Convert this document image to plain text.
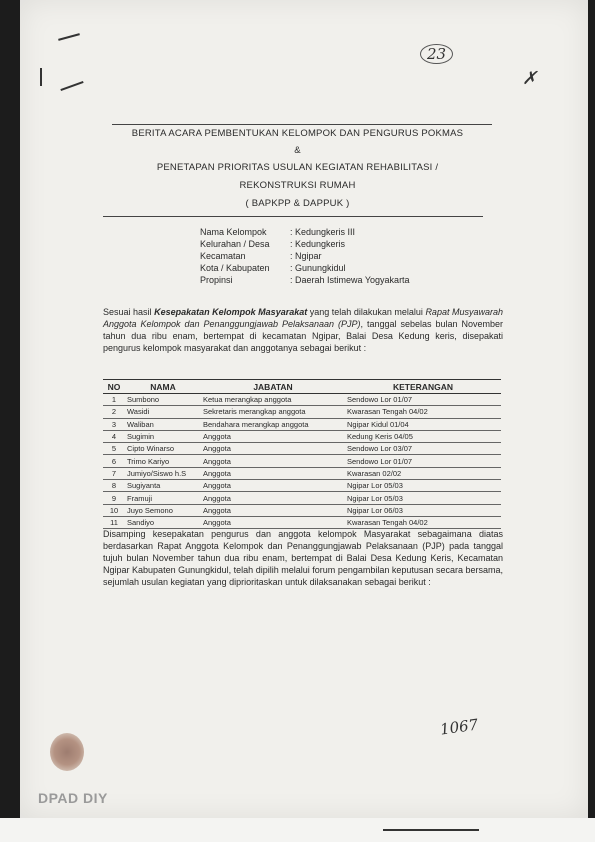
23
✗
BERITA ACARA PEMBENTUKAN KELOMPOK DAN PENGURUS POKMAS
&
PENETAPAN PRIORITAS USULAN KEGIATAN REHABILITASI /
REKONSTRUKSI RUMAH
( BAPKPP & DAPPUK )
Nama Kelompok	: Kedungkeris III
Kelurahan / Desa : Kedungkeris
Kecamatan	: Ngipar
Kota / Kabupaten : Gunungkidul
Propinsi	: Daerah Istimewa Yogyakarta
Sesuai hasil Kesepakatan Kelompok Masyarakat yang telah dilakukan melalui Rapat Musyawarah Anggota Kelompok dan Penanggungjawab Pelaksanaan (PJP), tanggal sebelas bulan November tahun dua ribu enam, bertempat di kecamatan Ngipar, Balai Desa Kedung keris, disepakati pengurus kelompok masyarakat dan anggotanya sebagai berikut :
NO	NAMA	JABATAN	KETERANGAN
1	Sumbono	Ketua merangkap anggota	Sendowo Lor 01/07
2	Wasidi	Sekretaris merangkap anggota	Kwarasan Tengah 04/02
3	Waliban	Bendahara merangkap anggota	Ngipar Kidul 01/04
4	Sugimin	Anggota	Kedung Keris 04/05
5	Cipto Winarso	Anggota	Sendowo Lor 03/07
6	Trimo Kariyo	Anggota	Sendowo Lor 01/07
7	Jumiyo/Siswo h.S	Anggota	Kwarasan 02/02
8	Sugiyanta	Anggota	Ngipar Lor 05/03
9	Framuji	Anggota	Ngipar Lor 05/03
10	Juyo Semono	Anggota	Ngipar Lor 06/03
11	Sandiyo	Anggota	Kwarasan Tengah 04/02
Disamping kesepakatan pengurus dan anggota kelompok Masyarakat sebagaimana diatas berdasarkan Rapat Anggota Kelompok dan Penanggungjawab Pelaksanaan (PJP) pada tanggal tujuh bulan November tahun dua ribu enam, bertempat di Balai Desa Kedung Keris, Kecamatan Ngipar Kabupaten Gunungkidul, telah dipilih melalui forum pengambilan keputusan secara bersama, sejumlah usulan kegiatan yang diprioritaskan untuk dilaksanakan sebagai berikut :
1067
DPAD DIY
